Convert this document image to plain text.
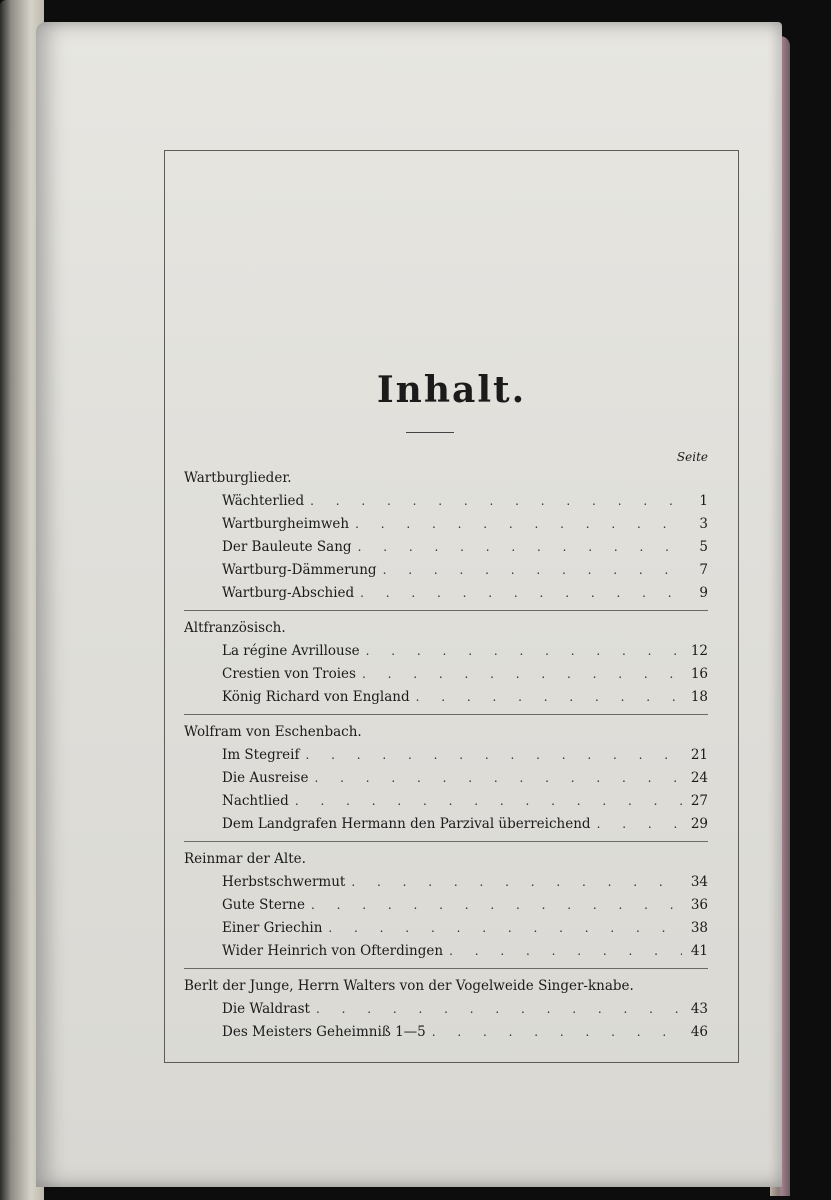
Inhalt.
Seite
Wartburglieder.
Wächterlied . . .	1
Wartburgheimweh . . .	3
Der Bauleute Sang . . .	5
Wartburg-Dämmerung . . .	7
Wartburg-Abschied . . .	9
Altfranzösisch.
La régine Avrillouse . . .	12
Crestien von Troies . . .	16
König Richard von England . . .	18
Wolfram von Eschenbach.
Im Stegreif . . .	21
Die Ausreise . . .	24
Nachtlied . . .	27
Dem Landgrafen Hermann den Parzival überreichend . . .	29
Reinmar der Alte.
Herbstschwermut . . .	34
Gute Sterne . . .	36
Einer Griechin . . .	38
Wider Heinrich von Ofterdingen . . .	41
Berlt der Junge, Herrn Walters von der Vogelweide Singer-knabe.
Die Waldrast . . .	43
Des Meisters Geheimniß 1—5 . . .	46
